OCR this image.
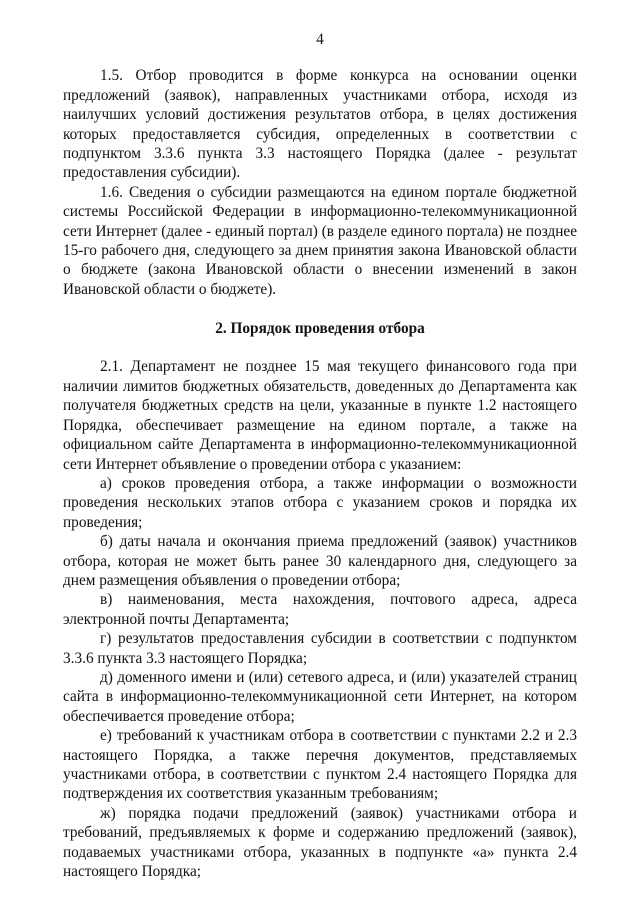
4

1.5. Отбор проводится в форме конкурса на основании оценки предложений (заявок), направленных участниками отбора, исходя из наилучших условий достижения результатов отбора, в целях достижения которых предоставляется субсидия, определенных в соответствии с подпунктом 3.3.6 пункта 3.3 настоящего Порядка (далее - результат предоставления субсидии).

1.6. Сведения о субсидии размещаются на едином портале бюджетной системы Российской Федерации в информационно-телекоммуникационной сети Интернет (далее - единый портал) (в разделе единого портала) не позднее 15-го рабочего дня, следующего за днем принятия закона Ивановской области о бюджете (закона Ивановской области о внесении изменений в закон Ивановской области о бюджете).

2. Порядок проведения отбора

2.1. Департамент не позднее 15 мая текущего финансового года при наличии лимитов бюджетных обязательств, доведенных до Департамента как получателя бюджетных средств на цели, указанные в пункте 1.2 настоящего Порядка, обеспечивает размещение на едином портале, а также на официальном сайте Департамента в информационно-телекоммуникационной сети Интернет объявление о проведении отбора с указанием:

а) сроков проведения отбора, а также информации о возможности проведения нескольких этапов отбора с указанием сроков и порядка их проведения;

б) даты начала и окончания приема предложений (заявок) участников отбора, которая не может быть ранее 30 календарного дня, следующего за днем размещения объявления о проведении отбора;

в) наименования, места нахождения, почтового адреса, адреса электронной почты Департамента;

г) результатов предоставления субсидии в соответствии с подпунктом 3.3.6 пункта 3.3 настоящего Порядка;

д) доменного имени и (или) сетевого адреса, и (или) указателей страниц сайта в информационно-телекоммуникационной сети Интернет, на котором обеспечивается проведение отбора;

е) требований к участникам отбора в соответствии с пунктами 2.2 и 2.3 настоящего Порядка, а также перечня документов, представляемых участниками отбора, в соответствии с пунктом 2.4 настоящего Порядка для подтверждения их соответствия указанным требованиям;

ж) порядка подачи предложений (заявок) участниками отбора и требований, предъявляемых к форме и содержанию предложений (заявок), подаваемых участниками отбора, указанных в подпункте «а» пункта 2.4 настоящего Порядка;
